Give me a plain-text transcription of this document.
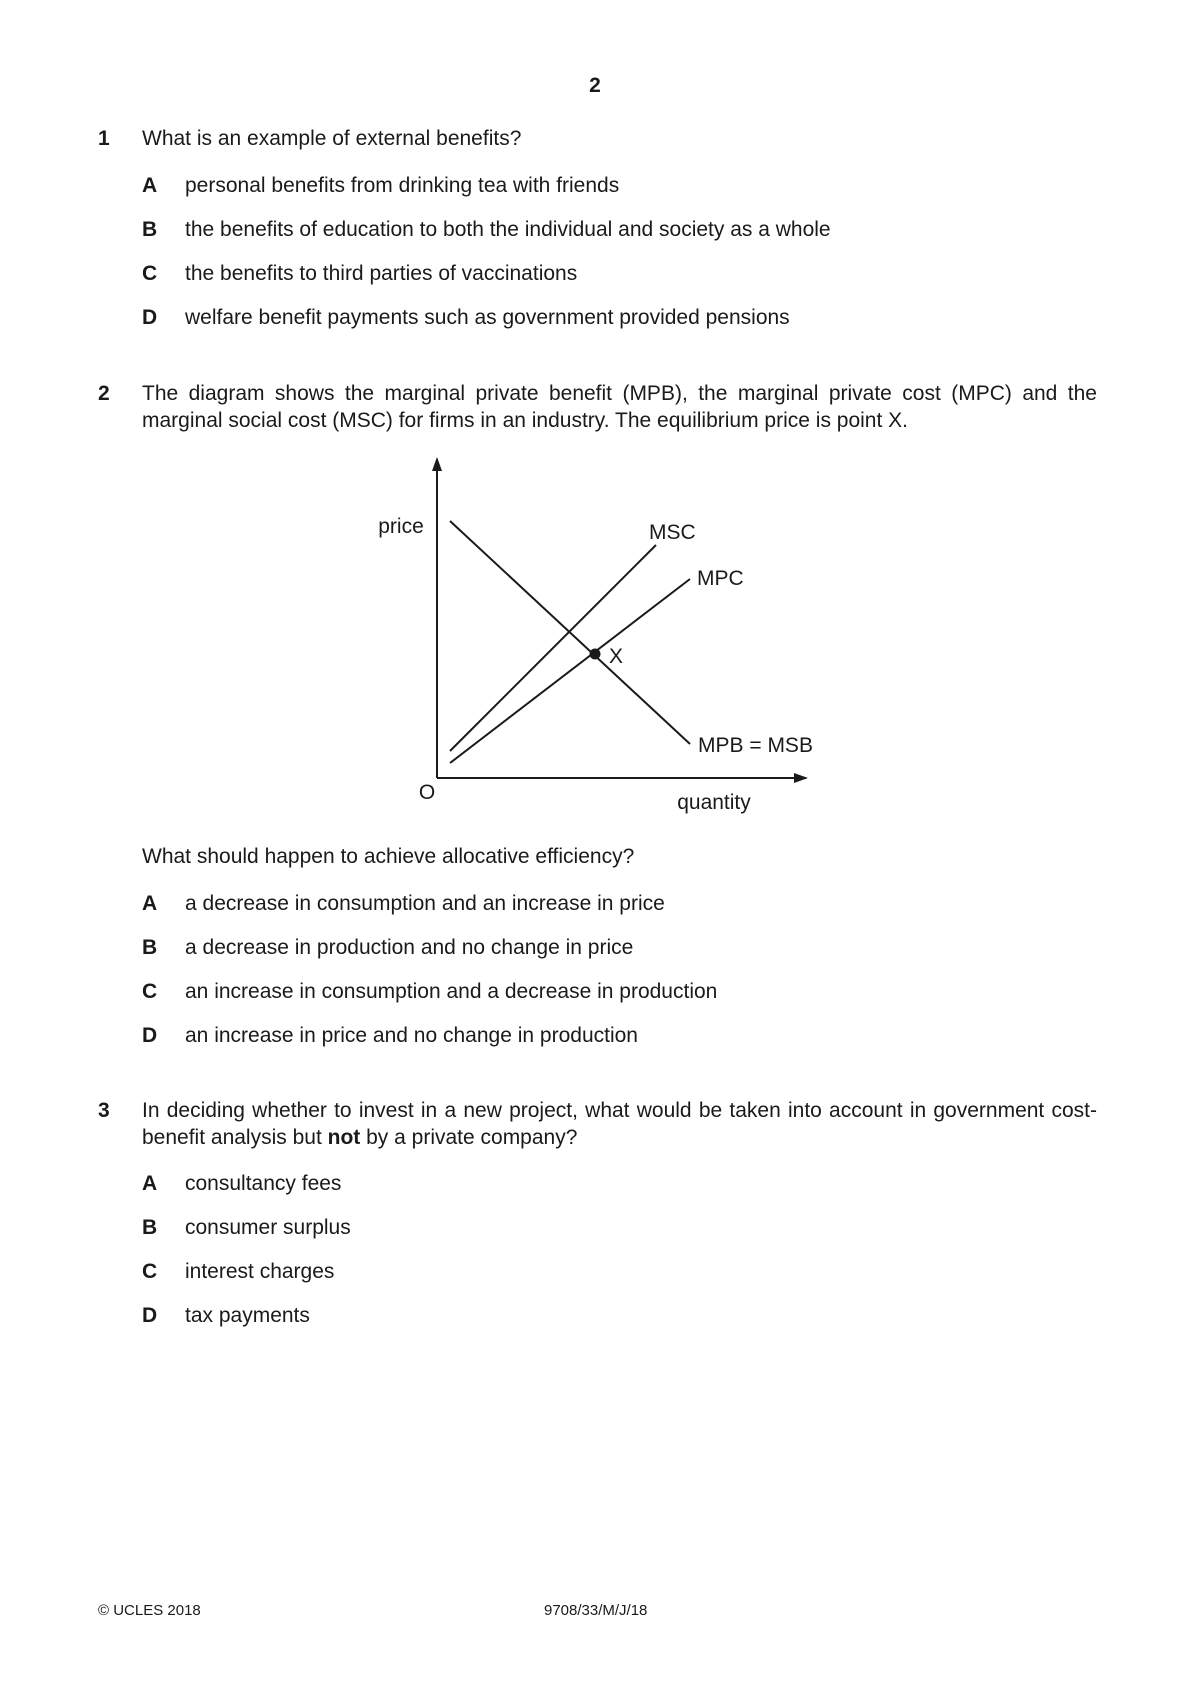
2
1 What is an example of external benefits?
A personal benefits from drinking tea with friends
B the benefits of education to both the individual and society as a whole
C the benefits to third parties of vaccinations
D welfare benefit payments such as government provided pensions
2 The diagram shows the marginal private benefit (MPB), the marginal private cost (MPC) and the marginal social cost (MSC) for firms in an industry. The equilibrium price is point X.
price
quantity
O
MSC
MPC
MPB = MSB
X
What should happen to achieve allocative efficiency?
A a decrease in consumption and an increase in price
B a decrease in production and no change in price
C an increase in consumption and a decrease in production
D an increase in price and no change in production
3 In deciding whether to invest in a new project, what would be taken into account in government cost-benefit analysis but not by a private company?
A consultancy fees
B consumer surplus
C interest charges
D tax payments
© UCLES 2018	9708/33/M/J/18
